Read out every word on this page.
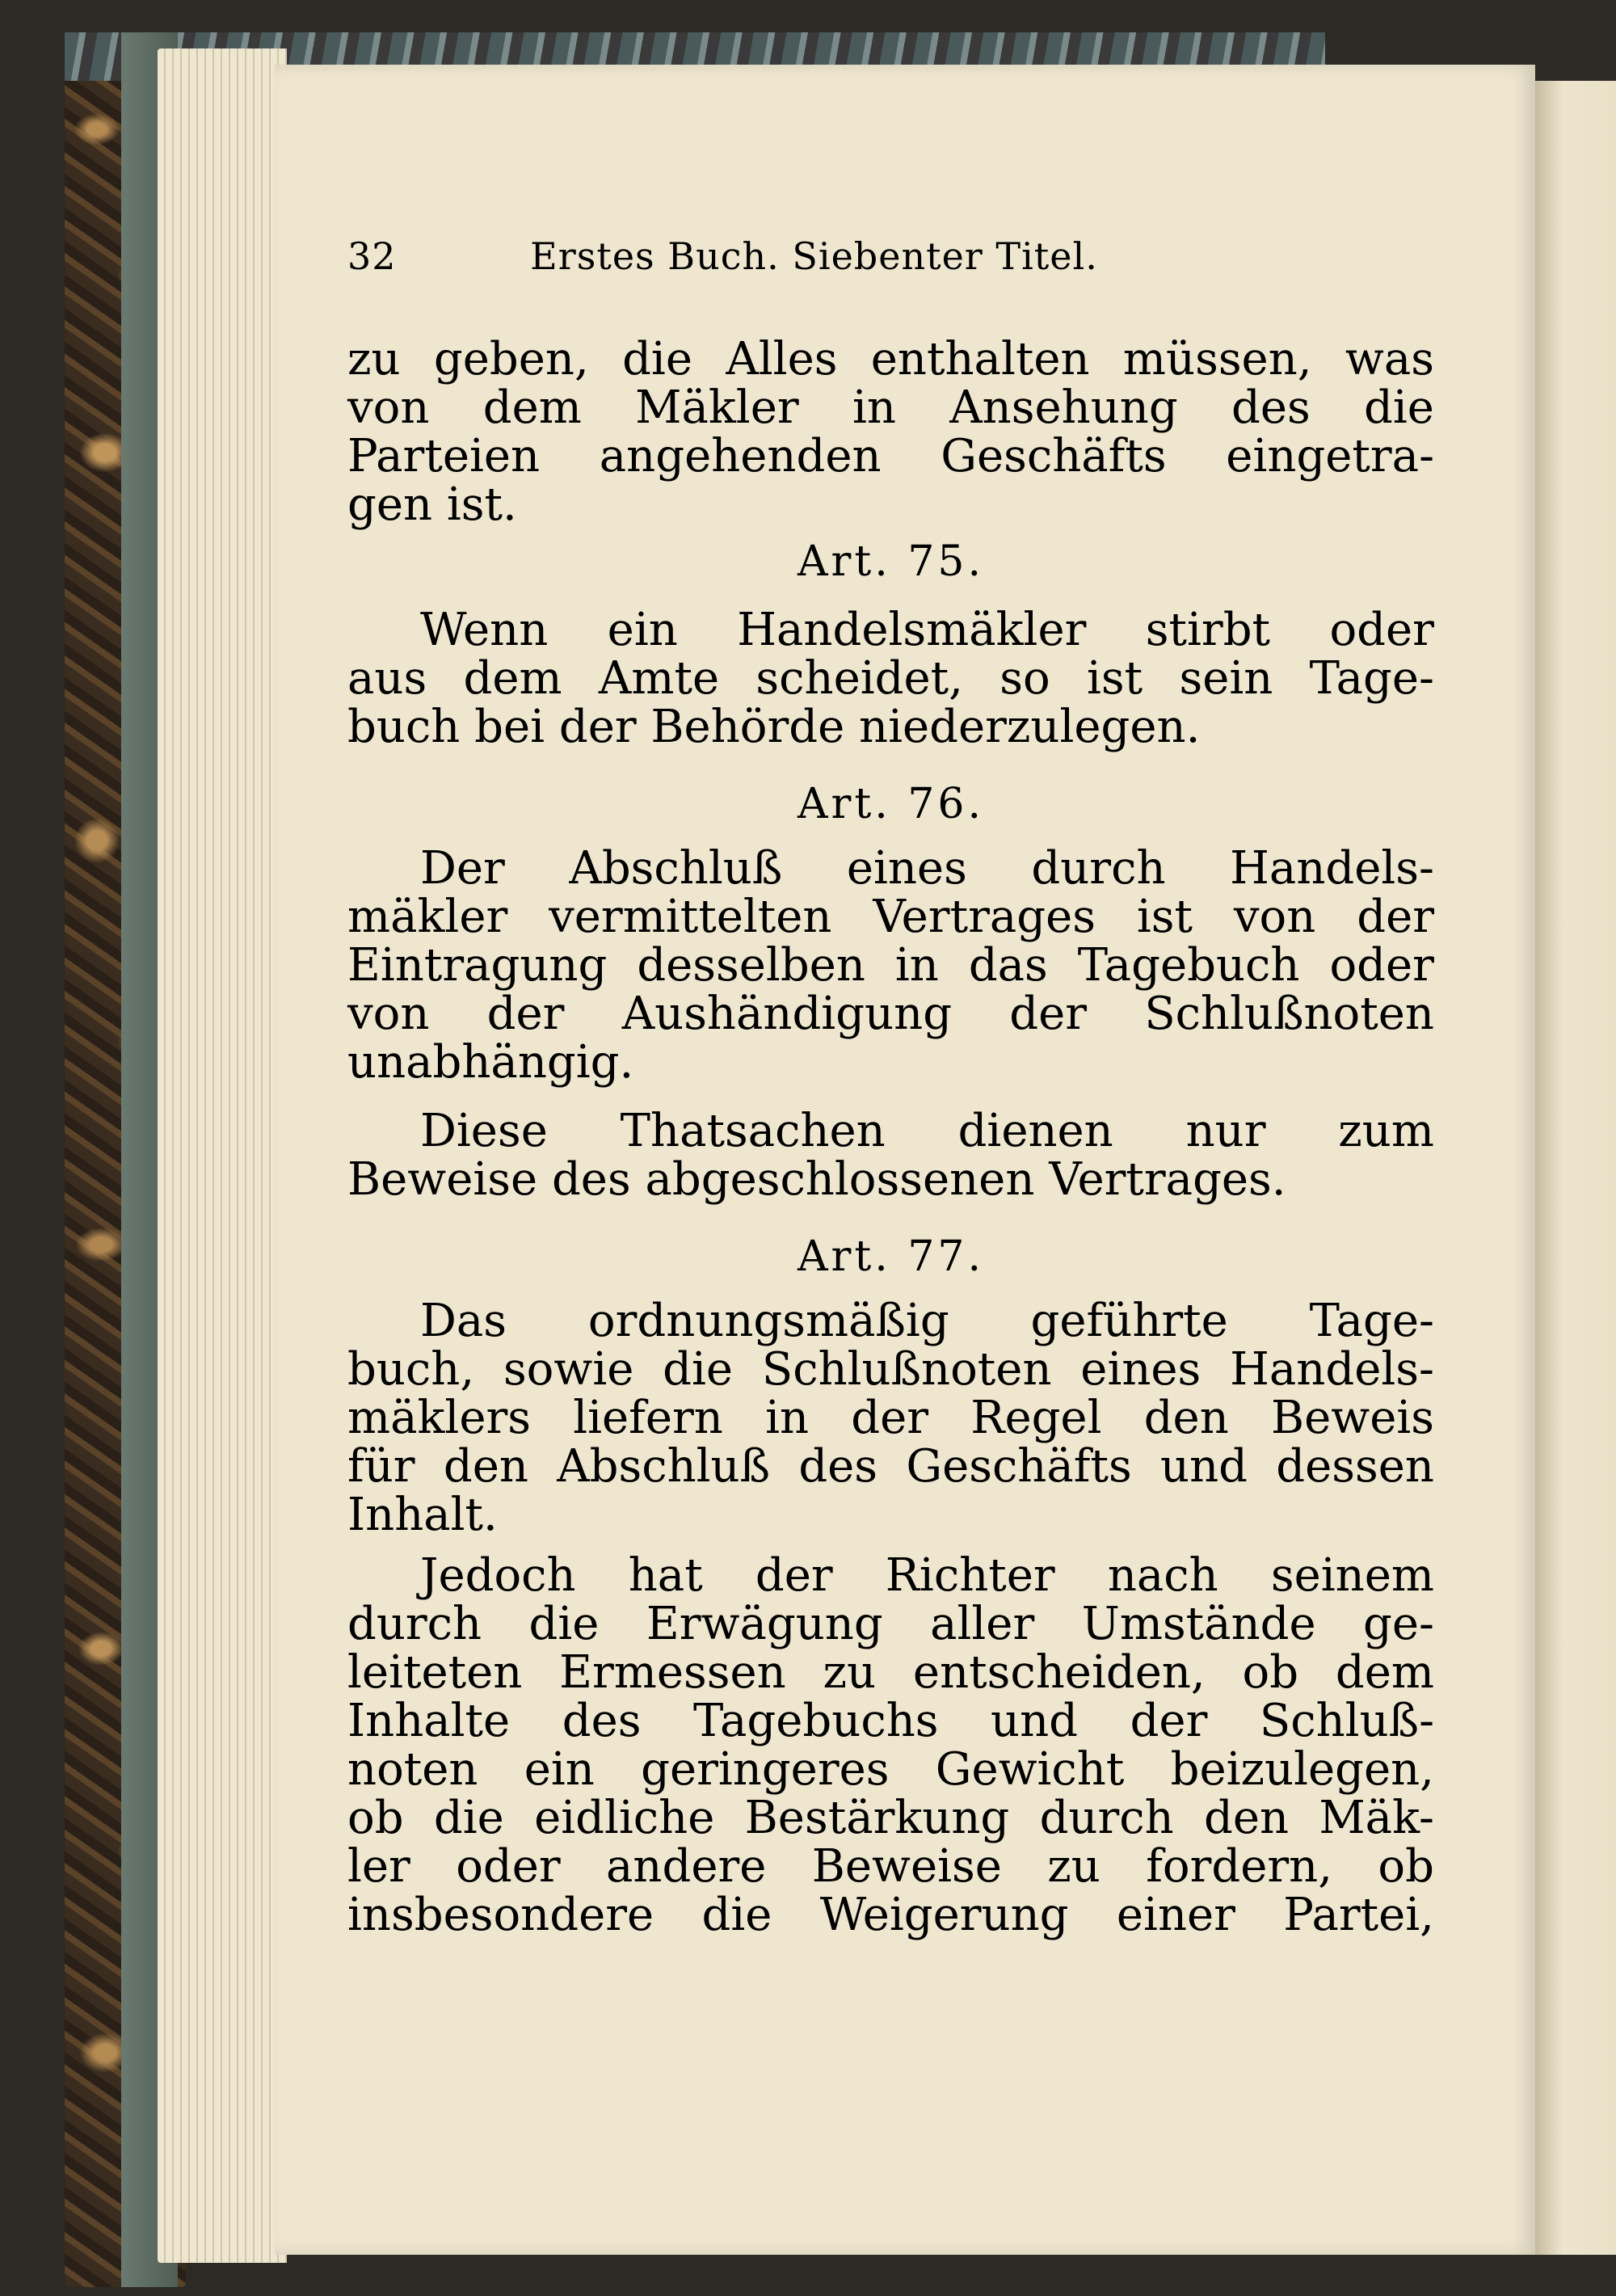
32	Erstes Buch. Siebenter Titel.
zu geben, die Alles enthalten müssen, was
von dem Mäkler in Ansehung des die
Parteien angehenden Geschäfts eingetra-
gen ist.
Art. 75.
Wenn ein Handelsmäkler stirbt oder
aus dem Amte scheidet, so ist sein Tage-
buch bei der Behörde niederzulegen.
Art. 76.
Der Abschluß eines durch Handels-
mäkler vermittelten Vertrages ist von der
Eintragung desselben in das Tagebuch oder
von der Aushändigung der Schlußnoten
unabhängig.
Diese Thatsachen dienen nur zum
Beweise des abgeschlossenen Vertrages.
Art. 77.
Das ordnungsmäßig geführte Tage-
buch, sowie die Schlußnoten eines Handels-
mäklers liefern in der Regel den Beweis
für den Abschluß des Geschäfts und dessen
Inhalt.
Jedoch hat der Richter nach seinem
durch die Erwägung aller Umstände ge-
leiteten Ermessen zu entscheiden, ob dem
Inhalte des Tagebuchs und der Schluß-
noten ein geringeres Gewicht beizulegen,
ob die eidliche Bestärkung durch den Mäk-
ler oder andere Beweise zu fordern, ob
insbesondere die Weigerung einer Partei,
